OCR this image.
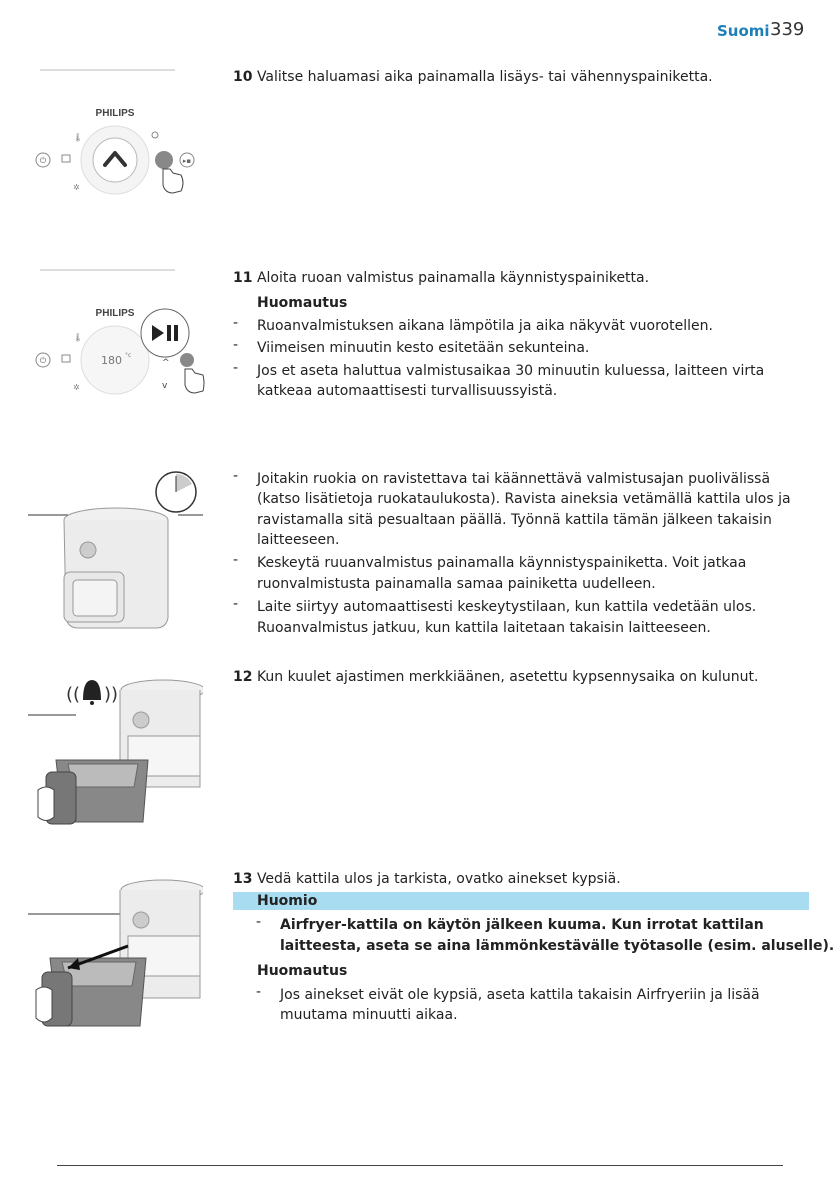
Suomi 339
PHILIPS
⏻
🌡
✲
▸▪
PHILIPS
180 °c
⏻
🌡
✲
^
v
(( ))
10 Valitse haluamasi aika painamalla lisäys- tai vähennyspainiketta.
11 Aloita ruoan valmistus painamalla käynnistyspainiketta.
Huomautus
- Ruoanvalmistuksen aikana lämpötila ja aika näkyvät vuorotellen.
- Viimeisen minuutin kesto esitetään sekunteina.
- Jos et aseta haluttua valmistusaikaa 30 minuutin kuluessa, laitteen virta
katkeaa automaattisesti turvallisuussyistä.
- Joitakin ruokia on ravistettava tai käännettävä valmistusajan puolivälissä
(katso lisätietoja ruokataulukosta). Ravista aineksia vetämällä kattila ulos ja
ravistamalla sitä pesualtaan päällä. Työnnä kattila tämän jälkeen takaisin
laitteeseen.
- Keskeytä ruuanvalmistus painamalla käynnistyspainiketta. Voit jatkaa
ruonvalmistusta painamalla samaa painiketta uudelleen.
- Laite siirtyy automaattisesti keskeytystilaan, kun kattila vedetään ulos.
Ruoanvalmistus jatkuu, kun kattila laitetaan takaisin laitteeseen.
12 Kun kuulet ajastimen merkkiäänen, asetettu kypsennysaika on kulunut.
13 Vedä kattila ulos ja tarkista, ovatko ainekset kypsiä.
Huomio
- Airfryer-kattila on käytön jälkeen kuuma. Kun irrotat kattilan
laitteesta, aseta se aina lämmönkestävälle työtasolle (esim. aluselle).
Huomautus
- Jos ainekset eivät ole kypsiä, aseta kattila takaisin Airfryeriin ja lisää
muutama minuutti aikaa.
